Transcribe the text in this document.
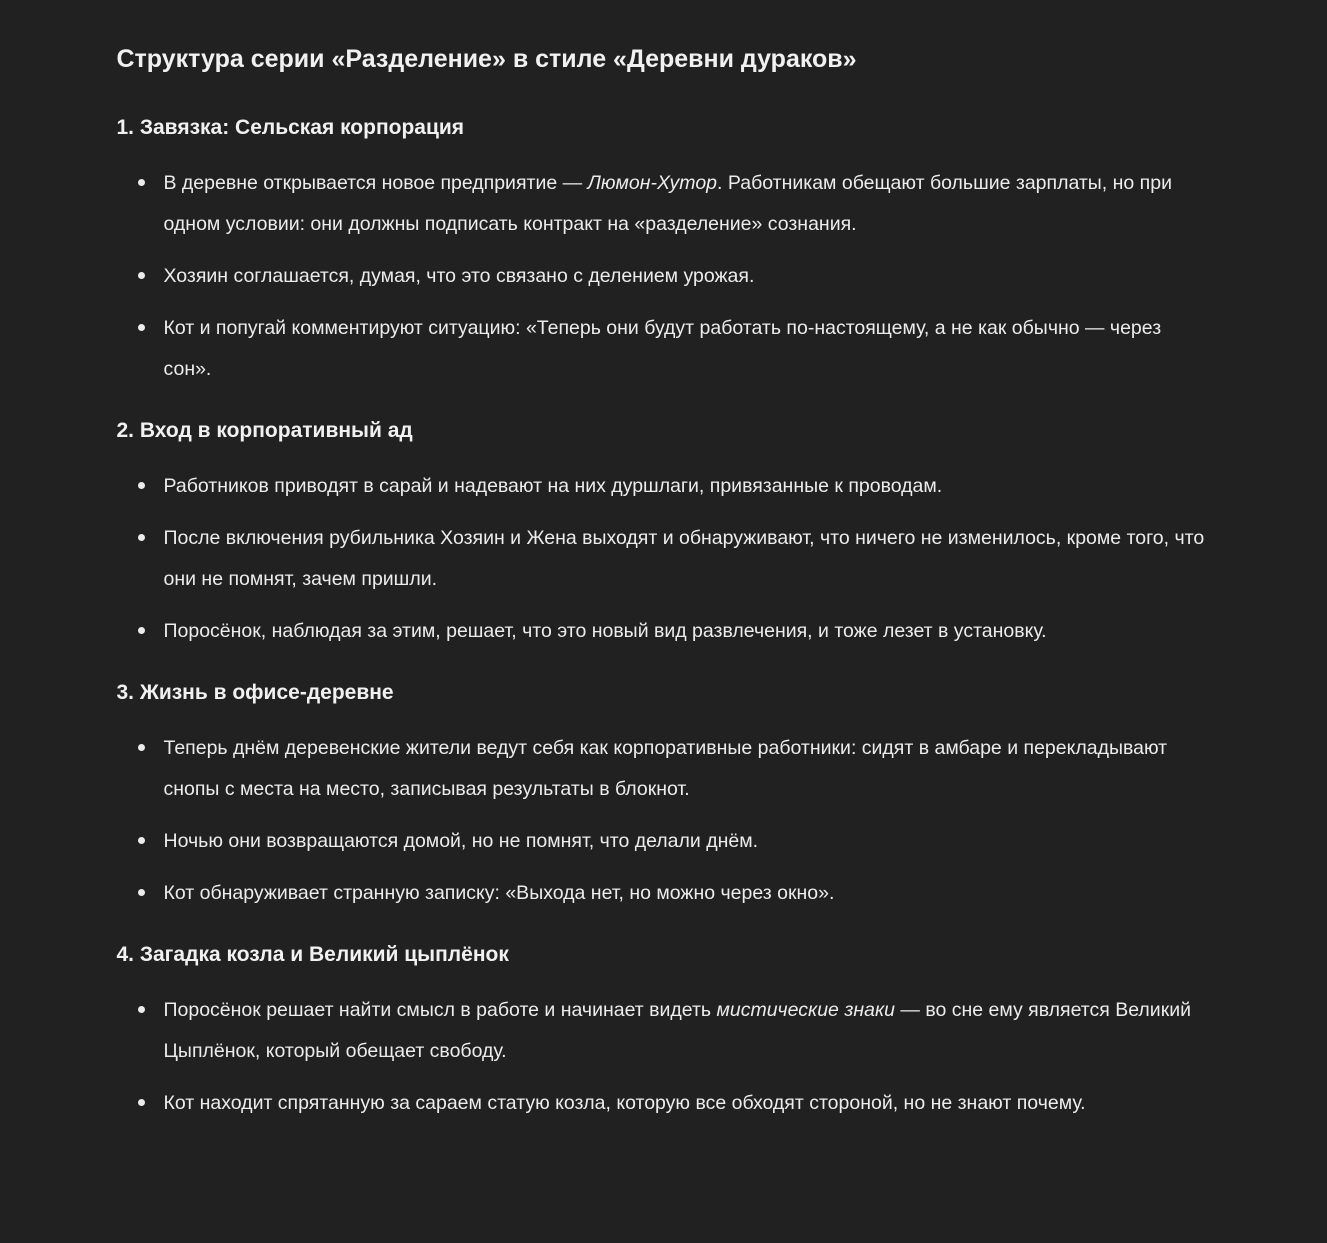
Структура серии «Разделение» в стиле «Деревни дураков»
1. Завязка: Сельская корпорация
В деревне открывается новое предприятие — Люмон-Хутор. Работникам обещают большие зарплаты, но при одном условии: они должны подписать контракт на «разделение» сознания.
Хозяин соглашается, думая, что это связано с делением урожая.
Кот и попугай комментируют ситуацию: «Теперь они будут работать по-настоящему, а не как обычно — через сон».
2. Вход в корпоративный ад
Работников приводят в сарай и надевают на них дуршлаги, привязанные к проводам.
После включения рубильника Хозяин и Жена выходят и обнаруживают, что ничего не изменилось, кроме того, что они не помнят, зачем пришли.
Поросёнок, наблюдая за этим, решает, что это новый вид развлечения, и тоже лезет в установку.
3. Жизнь в офисе-деревне
Теперь днём деревенские жители ведут себя как корпоративные работники: сидят в амбаре и перекладывают снопы с места на место, записывая результаты в блокнот.
Ночью они возвращаются домой, но не помнят, что делали днём.
Кот обнаруживает странную записку: «Выхода нет, но можно через окно».
4. Загадка козла и Великий цыплёнок
Поросёнок решает найти смысл в работе и начинает видеть мистические знаки — во сне ему является Великий Цыплёнок, который обещает свободу.
Кот находит спрятанную за сараем статую козла, которую все обходят стороной, но не знают почему.
